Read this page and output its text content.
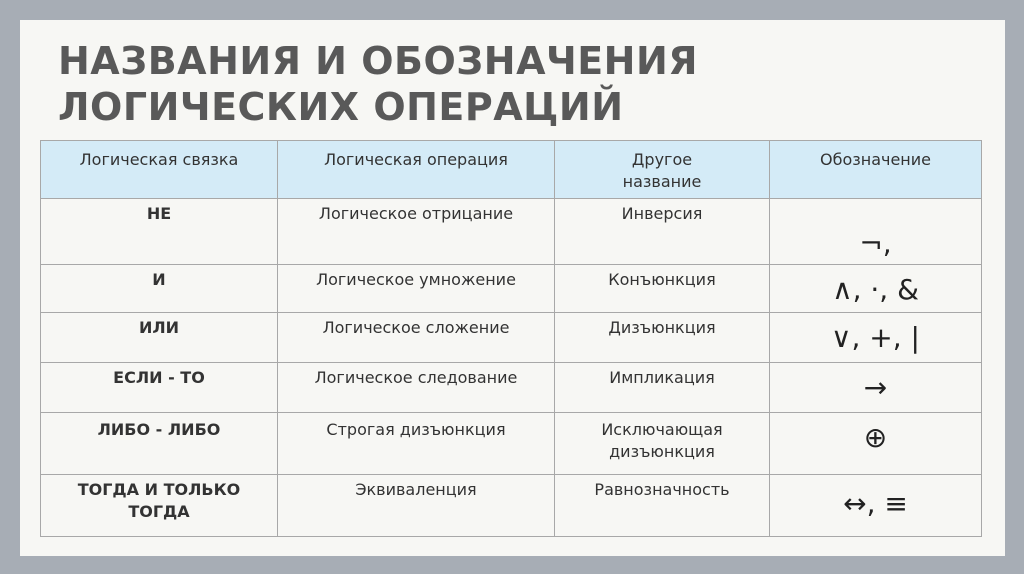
НАЗВАНИЯ И ОБОЗНАЧЕНИЯ
ЛОГИЧЕСКИХ ОПЕРАЦИЙ
Логическая связка	Логическая операция	Другое название	Обозначение
НЕ	Логическое отрицание	Инверсия	¬,

И	Логическое умножение	Конъюнкция	∧, ·, &

ИЛИ	Логическое сложение	Дизъюнкция	∨, +, |

ЕСЛИ - ТО	Логическое следование	Импликация	→

ЛИБО - ЛИБО	Строгая дизъюнкция	Исключающая дизъюнкция	⊕

ТОГДА И ТОЛЬКО ТОГДА	Эквиваленция	Равнозначность	↔, ≡
